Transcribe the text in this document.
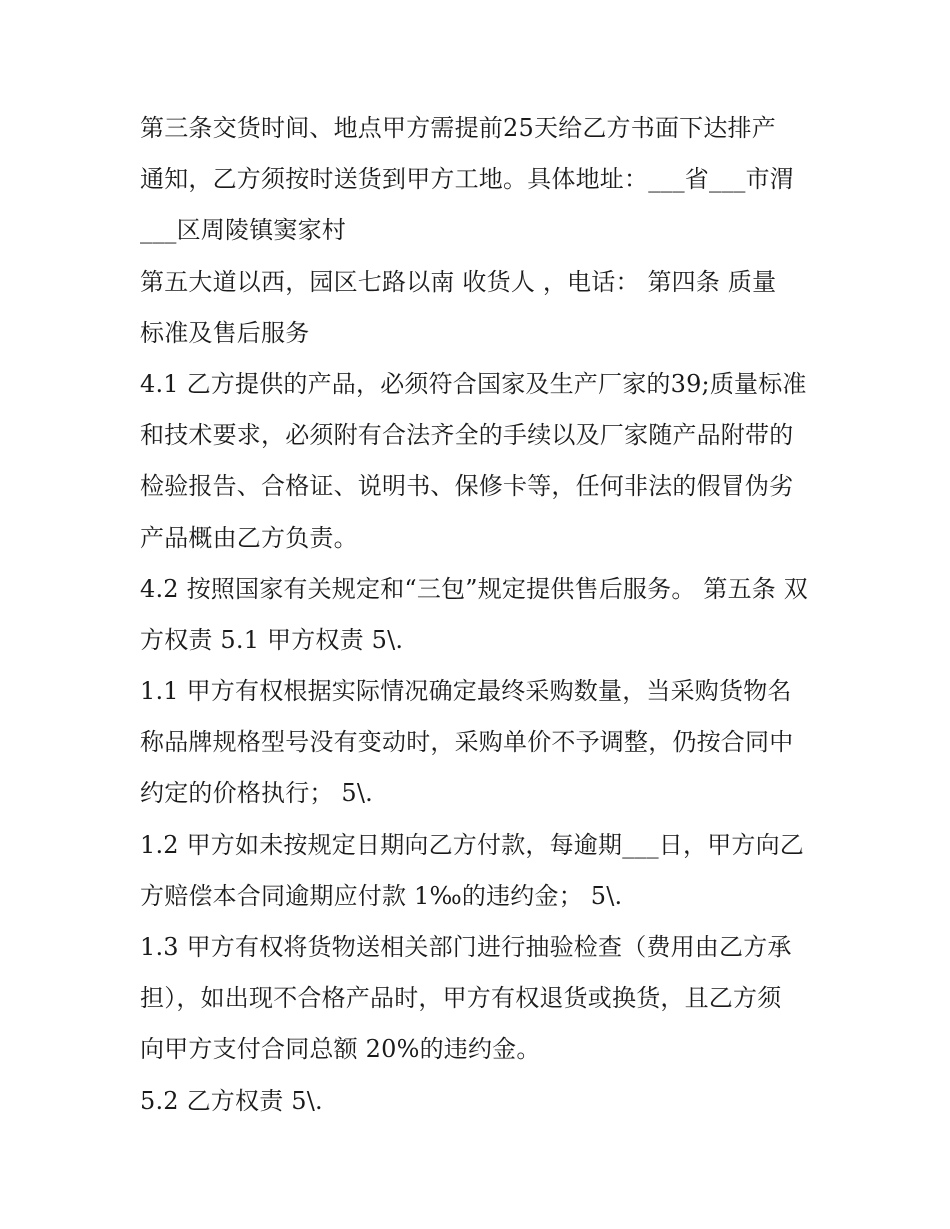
第三条交货时间、地点甲方需提前25天给乙方书面下达排产
通知，乙方须按时送货到甲方工地。具体地址：___省___市渭
___区周陵镇窦家村
第五大道以西，园区七路以南 收货人 ，电话： 第四条 质量
标准及售后服务
4.1 乙方提供的产品，必须符合国家及生产厂家的39;质量标准
和技术要求，必须附有合法齐全的手续以及厂家随产品附带的
检验报告、合格证、说明书、保修卡等，任何非法的假冒伪劣
产品概由乙方负责。
4.2 按照国家有关规定和“三包”规定提供售后服务。 第五条 双
方权责 5.1 甲方权责 5\.
1.1 甲方有权根据实际情况确定最终采购数量，当采购货物名
称品牌规格型号没有变动时，采购单价不予调整，仍按合同中
约定的价格执行； 5\.
1.2 甲方如未按规定日期向乙方付款，每逾期___日，甲方向乙
方赔偿本合同逾期应付款 1‰的违约金； 5\.
1.3 甲方有权将货物送相关部门进行抽验检查（费用由乙方承
担），如出现不合格产品时，甲方有权退货或换货，且乙方须
向甲方支付合同总额 20%的违约金。
5.2 乙方权责 5\.
